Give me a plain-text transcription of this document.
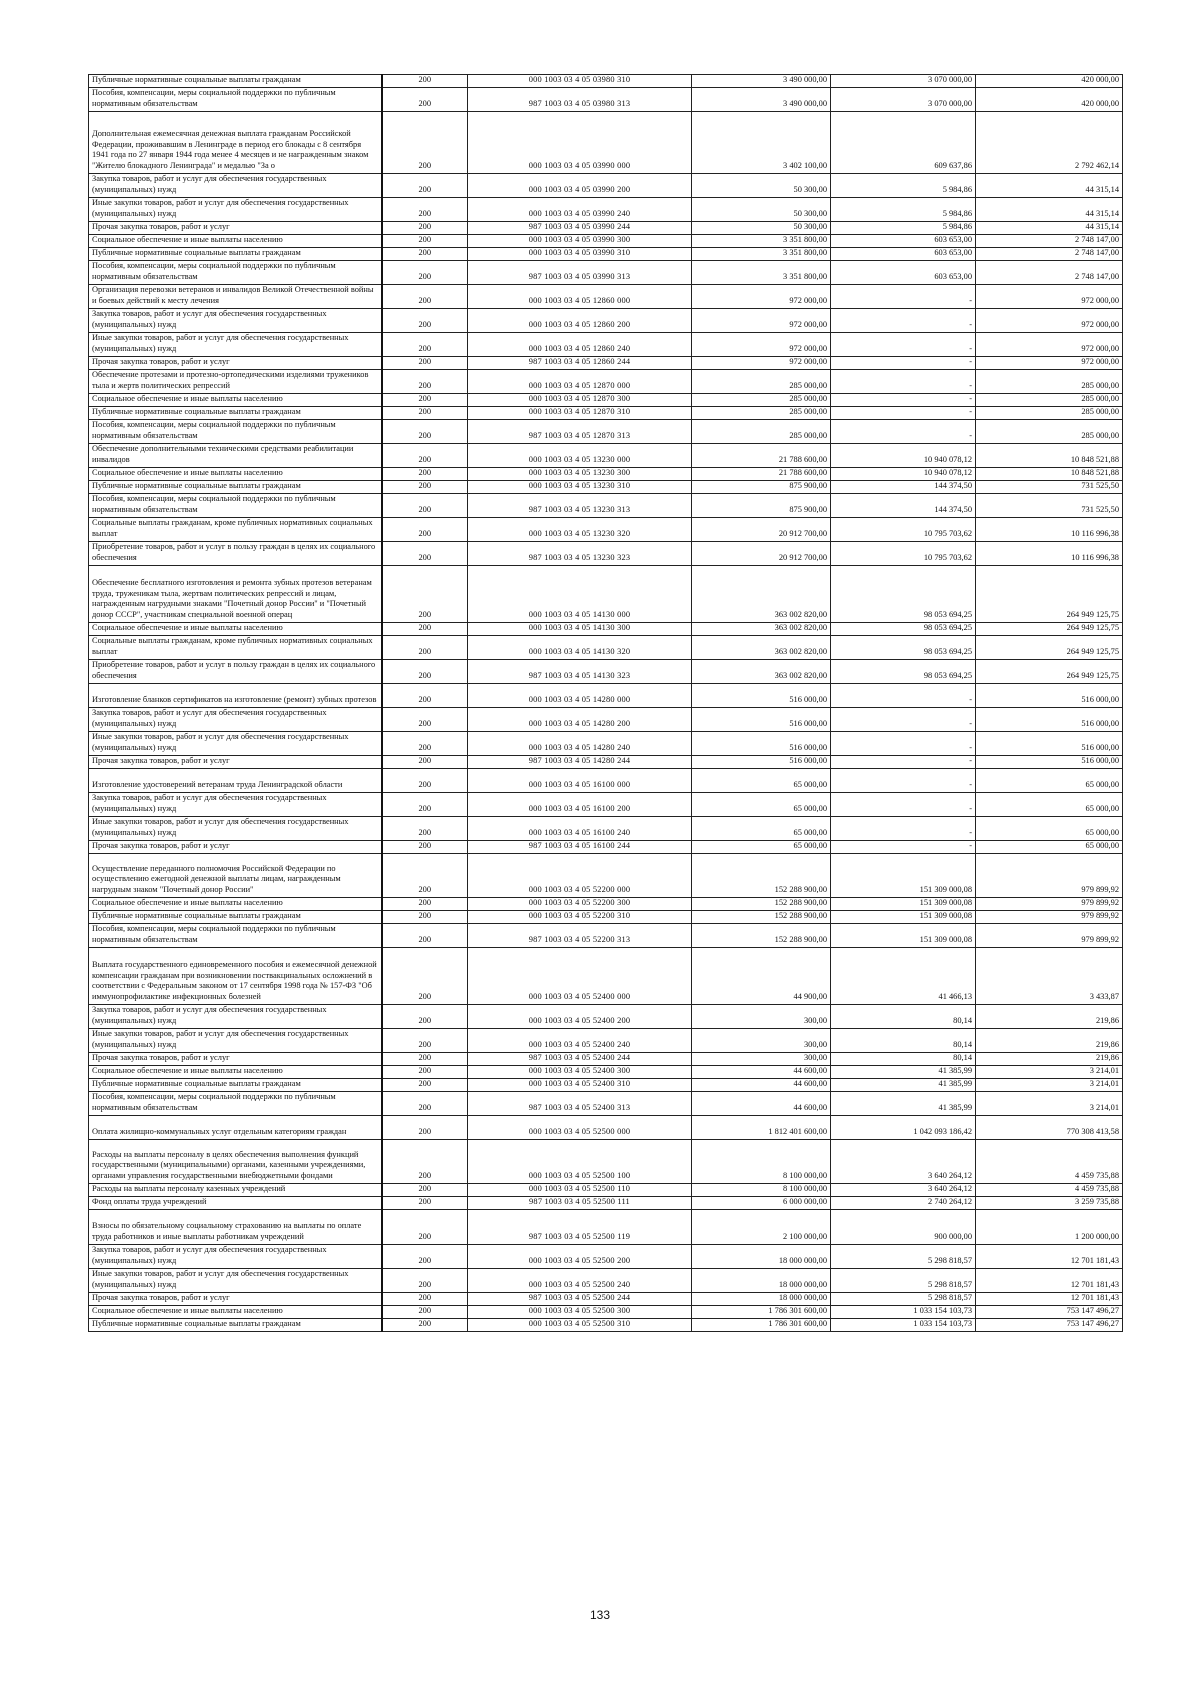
Публичные нормативные социальные выплаты гражданам	200	000 1003 03 4 05 03980 310	3 490 000,00	3 070 000,00	420 000,00
Пособия, компенсации, меры социальной поддержки по публичным нормативным обязательствам	200	987 1003 03 4 05 03980 313	3 490 000,00	3 070 000,00	420 000,00
Дополнительная ежемесячная денежная выплата гражданам Российской Федерации, проживавшим в Ленинграде в период его блокады с 8 сентября 1941 года по 27 января 1944 года менее 4 месяцев и не награжденным знаком "Жителю блокадного Ленинграда" и медалью "За о	200	000 1003 03 4 05 03990 000	3 402 100,00	609 637,86	2 792 462,14
Закупка товаров, работ и услуг для обеспечения государственных (муниципальных) нужд	200	000 1003 03 4 05 03990 200	50 300,00	5 984,86	44 315,14
Иные закупки товаров, работ и услуг для обеспечения государственных (муниципальных) нужд	200	000 1003 03 4 05 03990 240	50 300,00	5 984,86	44 315,14
Прочая закупка товаров, работ и услуг	200	987 1003 03 4 05 03990 244	50 300,00	5 984,86	44 315,14
Социальное обеспечение и иные выплаты населению	200	000 1003 03 4 05 03990 300	3 351 800,00	603 653,00	2 748 147,00
Публичные нормативные социальные выплаты гражданам	200	000 1003 03 4 05 03990 310	3 351 800,00	603 653,00	2 748 147,00
Пособия, компенсации, меры социальной поддержки по публичным нормативным обязательствам	200	987 1003 03 4 05 03990 313	3 351 800,00	603 653,00	2 748 147,00
Организация перевозки ветеранов и инвалидов Великой Отечественной войны и боевых действий к месту лечения	200	000 1003 03 4 05 12860 000	972 000,00	-	972 000,00
Закупка товаров, работ и услуг для обеспечения государственных (муниципальных) нужд	200	000 1003 03 4 05 12860 200	972 000,00	-	972 000,00
Иные закупки товаров, работ и услуг для обеспечения государственных (муниципальных) нужд	200	000 1003 03 4 05 12860 240	972 000,00	-	972 000,00
Прочая закупка товаров, работ и услуг	200	987 1003 03 4 05 12860 244	972 000,00	-	972 000,00
Обеспечение протезами и протезно-ортопедическими изделиями тружеников тыла и жертв политических репрессий	200	000 1003 03 4 05 12870 000	285 000,00	-	285 000,00
Социальное обеспечение и иные выплаты населению	200	000 1003 03 4 05 12870 300	285 000,00	-	285 000,00
Публичные нормативные социальные выплаты гражданам	200	000 1003 03 4 05 12870 310	285 000,00	-	285 000,00
Пособия, компенсации, меры социальной поддержки по публичным нормативным обязательствам	200	987 1003 03 4 05 12870 313	285 000,00	-	285 000,00
Обеспечение дополнительными техническими средствами реабилитации инвалидов	200	000 1003 03 4 05 13230 000	21 788 600,00	10 940 078,12	10 848 521,88
Социальное обеспечение и иные выплаты населению	200	000 1003 03 4 05 13230 300	21 788 600,00	10 940 078,12	10 848 521,88
Публичные нормативные социальные выплаты гражданам	200	000 1003 03 4 05 13230 310	875 900,00	144 374,50	731 525,50
Пособия, компенсации, меры социальной поддержки по публичным нормативным обязательствам	200	987 1003 03 4 05 13230 313	875 900,00	144 374,50	731 525,50
Социальные выплаты гражданам, кроме публичных нормативных социальных выплат	200	000 1003 03 4 05 13230 320	20 912 700,00	10 795 703,62	10 116 996,38
Приобретение товаров, работ и услуг в пользу граждан в целях их социального обеспечения	200	987 1003 03 4 05 13230 323	20 912 700,00	10 795 703,62	10 116 996,38
Обеспечение бесплатного изготовления и ремонта зубных протезов ветеранам труда, труженикам тыла, жертвам политических репрессий и лицам, награжденным нагрудными знаками "Почетный донор России" и "Почетный донор СССР", участникам специальной военной операц	200	000 1003 03 4 05 14130 000	363 002 820,00	98 053 694,25	264 949 125,75
Социальное обеспечение и иные выплаты населению	200	000 1003 03 4 05 14130 300	363 002 820,00	98 053 694,25	264 949 125,75
Социальные выплаты гражданам, кроме публичных нормативных социальных выплат	200	000 1003 03 4 05 14130 320	363 002 820,00	98 053 694,25	264 949 125,75
Приобретение товаров, работ и услуг в пользу граждан в целях их социального обеспечения	200	987 1003 03 4 05 14130 323	363 002 820,00	98 053 694,25	264 949 125,75
Изготовление бланков сертификатов на изготовление (ремонт) зубных протезов	200	000 1003 03 4 05 14280 000	516 000,00	-	516 000,00
Закупка товаров, работ и услуг для обеспечения государственных (муниципальных) нужд	200	000 1003 03 4 05 14280 200	516 000,00	-	516 000,00
Иные закупки товаров, работ и услуг для обеспечения государственных (муниципальных) нужд	200	000 1003 03 4 05 14280 240	516 000,00	-	516 000,00
Прочая закупка товаров, работ и услуг	200	987 1003 03 4 05 14280 244	516 000,00	-	516 000,00
Изготовление удостоверений ветеранам труда Ленинградской области	200	000 1003 03 4 05 16100 000	65 000,00	-	65 000,00
Закупка товаров, работ и услуг для обеспечения государственных (муниципальных) нужд	200	000 1003 03 4 05 16100 200	65 000,00	-	65 000,00
Иные закупки товаров, работ и услуг для обеспечения государственных (муниципальных) нужд	200	000 1003 03 4 05 16100 240	65 000,00	-	65 000,00
Прочая закупка товаров, работ и услуг	200	987 1003 03 4 05 16100 244	65 000,00	-	65 000,00
Осуществление переданного полномочия Российской Федерации по осуществлению ежегодной денежной выплаты лицам, награжденным нагрудным знаком "Почетный донор России"	200	000 1003 03 4 05 52200 000	152 288 900,00	151 309 000,08	979 899,92
Социальное обеспечение и иные выплаты населению	200	000 1003 03 4 05 52200 300	152 288 900,00	151 309 000,08	979 899,92
Публичные нормативные социальные выплаты гражданам	200	000 1003 03 4 05 52200 310	152 288 900,00	151 309 000,08	979 899,92
Пособия, компенсации, меры социальной поддержки по публичным нормативным обязательствам	200	987 1003 03 4 05 52200 313	152 288 900,00	151 309 000,08	979 899,92
Выплата государственного единовременного пособия и ежемесячной денежной компенсации гражданам при возникновении поствакцинальных осложнений в соответствии с Федеральным законом от 17 сентября 1998 года № 157-ФЗ "Об иммунопрофилактике инфекционных болезней	200	000 1003 03 4 05 52400 000	44 900,00	41 466,13	3 433,87
Закупка товаров, работ и услуг для обеспечения государственных (муниципальных) нужд	200	000 1003 03 4 05 52400 200	300,00	80,14	219,86
Иные закупки товаров, работ и услуг для обеспечения государственных (муниципальных) нужд	200	000 1003 03 4 05 52400 240	300,00	80,14	219,86
Прочая закупка товаров, работ и услуг	200	987 1003 03 4 05 52400 244	300,00	80,14	219,86
Социальное обеспечение и иные выплаты населению	200	000 1003 03 4 05 52400 300	44 600,00	41 385,99	3 214,01
Публичные нормативные социальные выплаты гражданам	200	000 1003 03 4 05 52400 310	44 600,00	41 385,99	3 214,01
Пособия, компенсации, меры социальной поддержки по публичным нормативным обязательствам	200	987 1003 03 4 05 52400 313	44 600,00	41 385,99	3 214,01
Оплата жилищно-коммунальных услуг отдельным категориям граждан	200	000 1003 03 4 05 52500 000	1 812 401 600,00	1 042 093 186,42	770 308 413,58
Расходы на выплаты персоналу в целях обеспечения выполнения функций государственными (муниципальными) органами, казенными учреждениями, органами управления государственными внебюджетными фондами	200	000 1003 03 4 05 52500 100	8 100 000,00	3 640 264,12	4 459 735,88
Расходы на выплаты персоналу казенных учреждений	200	000 1003 03 4 05 52500 110	8 100 000,00	3 640 264,12	4 459 735,88
Фонд оплаты труда учреждений	200	987 1003 03 4 05 52500 111	6 000 000,00	2 740 264,12	3 259 735,88
Взносы по обязательному социальному страхованию на выплаты по оплате труда работников и иные выплаты работникам учреждений	200	987 1003 03 4 05 52500 119	2 100 000,00	900 000,00	1 200 000,00
Закупка товаров, работ и услуг для обеспечения государственных (муниципальных) нужд	200	000 1003 03 4 05 52500 200	18 000 000,00	5 298 818,57	12 701 181,43
Иные закупки товаров, работ и услуг для обеспечения государственных (муниципальных) нужд	200	000 1003 03 4 05 52500 240	18 000 000,00	5 298 818,57	12 701 181,43
Прочая закупка товаров, работ и услуг	200	987 1003 03 4 05 52500 244	18 000 000,00	5 298 818,57	12 701 181,43
Социальное обеспечение и иные выплаты населению	200	000 1003 03 4 05 52500 300	1 786 301 600,00	1 033 154 103,73	753 147 496,27
Публичные нормативные социальные выплаты гражданам	200	000 1003 03 4 05 52500 310	1 786 301 600,00	1 033 154 103,73	753 147 496,27
133
